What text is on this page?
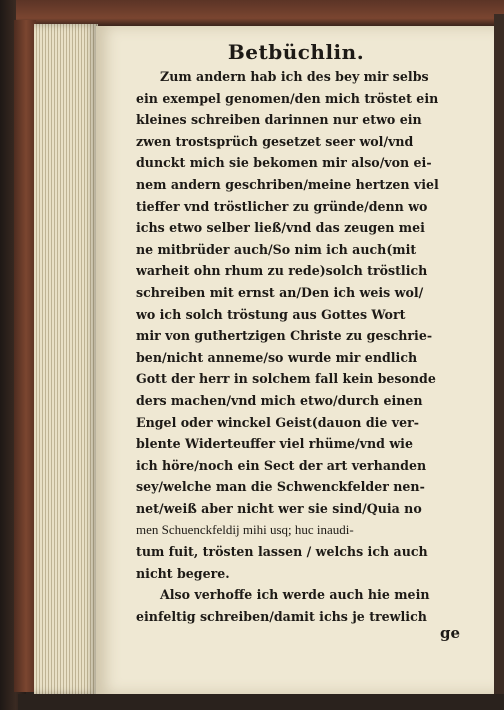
Betbüchlin.
Zum andern hab ich des bey mir selbs
ein exempel genomen/den mich tröstet ein
kleines schreiben darinnen nur etwo ein
zwen trostsprüch gesetzet seer wol/vnd
dunckt mich sie bekomen mir also/von ei-
nem andern geschriben/meine hertzen viel
tieffer vnd tröstlicher zu gründe/denn wo
ichs etwo selber ließ/vnd das zeugen mei
ne mitbrüder auch/So nim ich auch(mit
warheit ohn rhum zu rede)solch tröstlich
schreiben mit ernst an/Den ich weis wol/
wo ich solch tröstung aus Gottes Wort
mir von guthertzigen Christe zu geschrie-
ben/nicht anneme/so wurde mir endlich
Gott der herr in solchem fall kein besonde
ders machen/vnd mich etwo/durch einen
Engel oder winckel Geist(dauon die ver-
blente Widerteuffer viel rhüme/vnd wie
ich höre/noch ein Sect der art verhanden
sey/welche man die Schwenckfelder nen-
net/weiß aber nicht wer sie sind/Quia no
men Schuenckfeldij mihi usq; huc inaudi-
tum fuit, trösten lassen / welchs ich auch
nicht begere.
Also verhoffe ich werde auch hie mein
einfeltig schreiben/damit ichs je trewlich
ge
